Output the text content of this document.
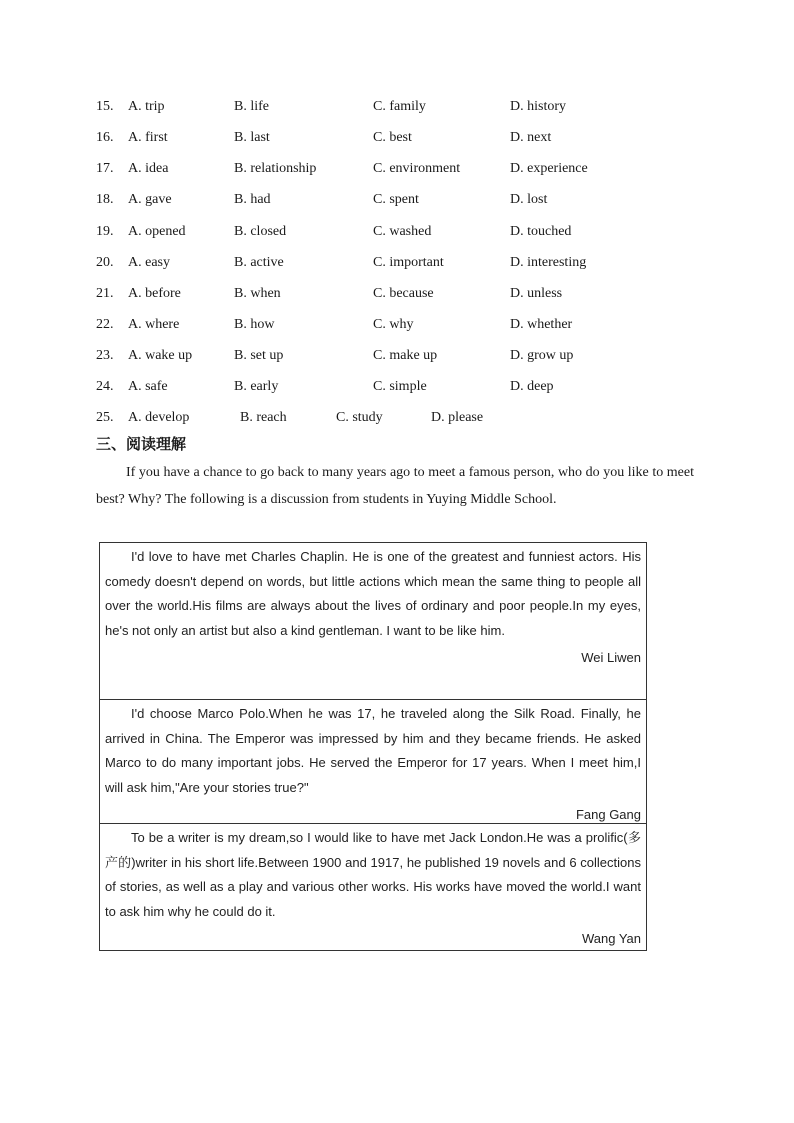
15. A. trip	B. life	C. family	D. history
16. A. first	B. last	C. best	D. next
17. A. idea	B. relationship	C. environment	D. experience
18. A. gave	B. had	C. spent	D. lost
19. A. opened	B. closed	C. washed	D. touched
20. A. easy	B. active	C. important	D. interesting
21. A. before	B. when	C. because	D. unless
22. A. where	B. how	C. why	D. whether
23. A. wake up	B. set up	C. make up	D. grow up
24. A. safe	B. early	C. simple	D. deep
25. A. develop	B. reach	C. study	D. please
三、阅读理解
If you have a chance to go back to many years ago to meet a famous person, who do you like to meet best? Why? The following is a discussion from students in Yuying Middle School.

I'd love to have met Charles Chaplin. He is one of the greatest and funniest actors. His comedy doesn't depend on words, but little actions which mean the same thing to people all over the world.His films are always about the lives of ordinary and poor people.In my eyes, he's not only an artist but also a kind gentleman. I want to be like him.

Wei Liwen

I'd choose Marco Polo.When he was 17, he traveled along the Silk Road. Finally, he arrived in China. The Emperor was impressed by him and they became friends. He asked Marco to do many important jobs. He served the Emperor for 17 years. When I meet him,I will ask him,"Are your stories true?"

Fang Gang

To be a writer is my dream,so I would like to have met Jack London.He was a prolific(多产的)writer in his short life.Between 1900 and 1917, he published 19 novels and 6 collections of stories, as well as a play and various other works. His works have moved the world.I want to ask him why he could do it.

Wang Yan
